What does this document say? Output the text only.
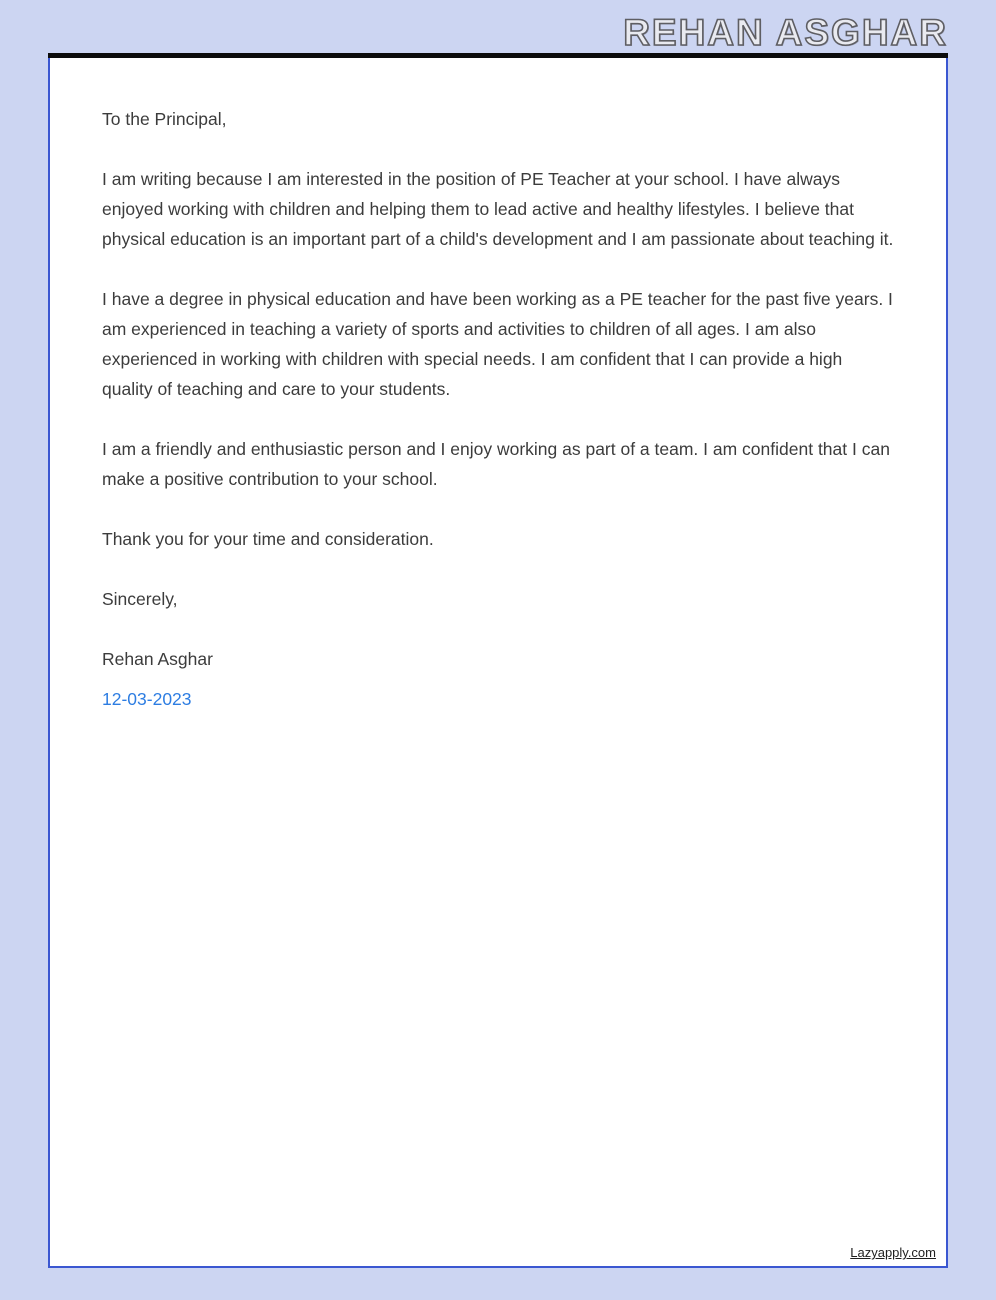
REHAN ASGHAR

To the Principal,

I am writing because I am interested in the position of PE Teacher at your school. I have always enjoyed working with children and helping them to lead active and healthy lifestyles. I believe that physical education is an important part of a child's development and I am passionate about teaching it.

I have a degree in physical education and have been working as a PE teacher for the past five years. I am experienced in teaching a variety of sports and activities to children of all ages. I am also experienced in working with children with special needs. I am confident that I can provide a high quality of teaching and care to your students.

I am a friendly and enthusiastic person and I enjoy working as part of a team. I am confident that I can make a positive contribution to your school.

Thank you for your time and consideration.

Sincerely,

Rehan Asghar

12-03-2023

Lazyapply.com
